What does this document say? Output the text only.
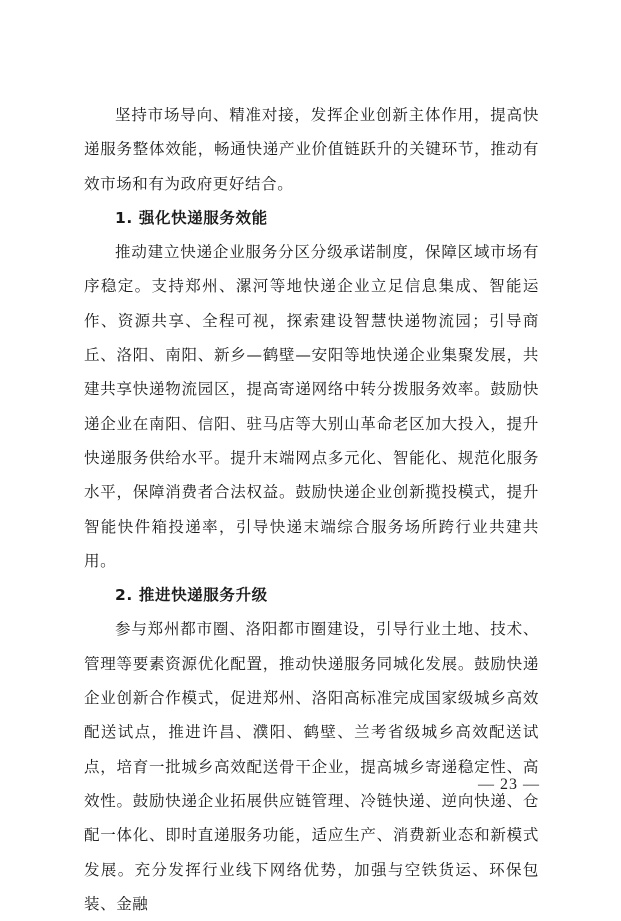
坚持市场导向、精准对接，发挥企业创新主体作用，提高快递服务整体效能，畅通快递产业价值链跃升的关键环节，推动有效市场和有为政府更好结合。

1. 强化快递服务效能

推动建立快递企业服务分区分级承诺制度，保障区域市场有序稳定。支持郑州、漯河等地快递企业立足信息集成、智能运作、资源共享、全程可视，探索建设智慧快递物流园；引导商丘、洛阳、南阳、新乡—鹤壁—安阳等地快递企业集聚发展，共建共享快递物流园区，提高寄递网络中转分拨服务效率。鼓励快递企业在南阳、信阳、驻马店等大别山革命老区加大投入，提升快递服务供给水平。提升末端网点多元化、智能化、规范化服务水平，保障消费者合法权益。鼓励快递企业创新揽投模式，提升智能快件箱投递率，引导快递末端综合服务场所跨行业共建共用。

2. 推进快递服务升级

参与郑州都市圈、洛阳都市圈建设，引导行业土地、技术、管理等要素资源优化配置，推动快递服务同城化发展。鼓励快递企业创新合作模式，促进郑州、洛阳高标准完成国家级城乡高效配送试点，推进许昌、濮阳、鹤壁、兰考省级城乡高效配送试点，培育一批城乡高效配送骨干企业，提高城乡寄递稳定性、高效性。鼓励快递企业拓展供应链管理、冷链快递、逆向快递、仓配一体化、即时直递服务功能，适应生产、消费新业态和新模式发展。充分发挥行业线下网络优势，加强与空铁货运、环保包装、金融

— 23 —
